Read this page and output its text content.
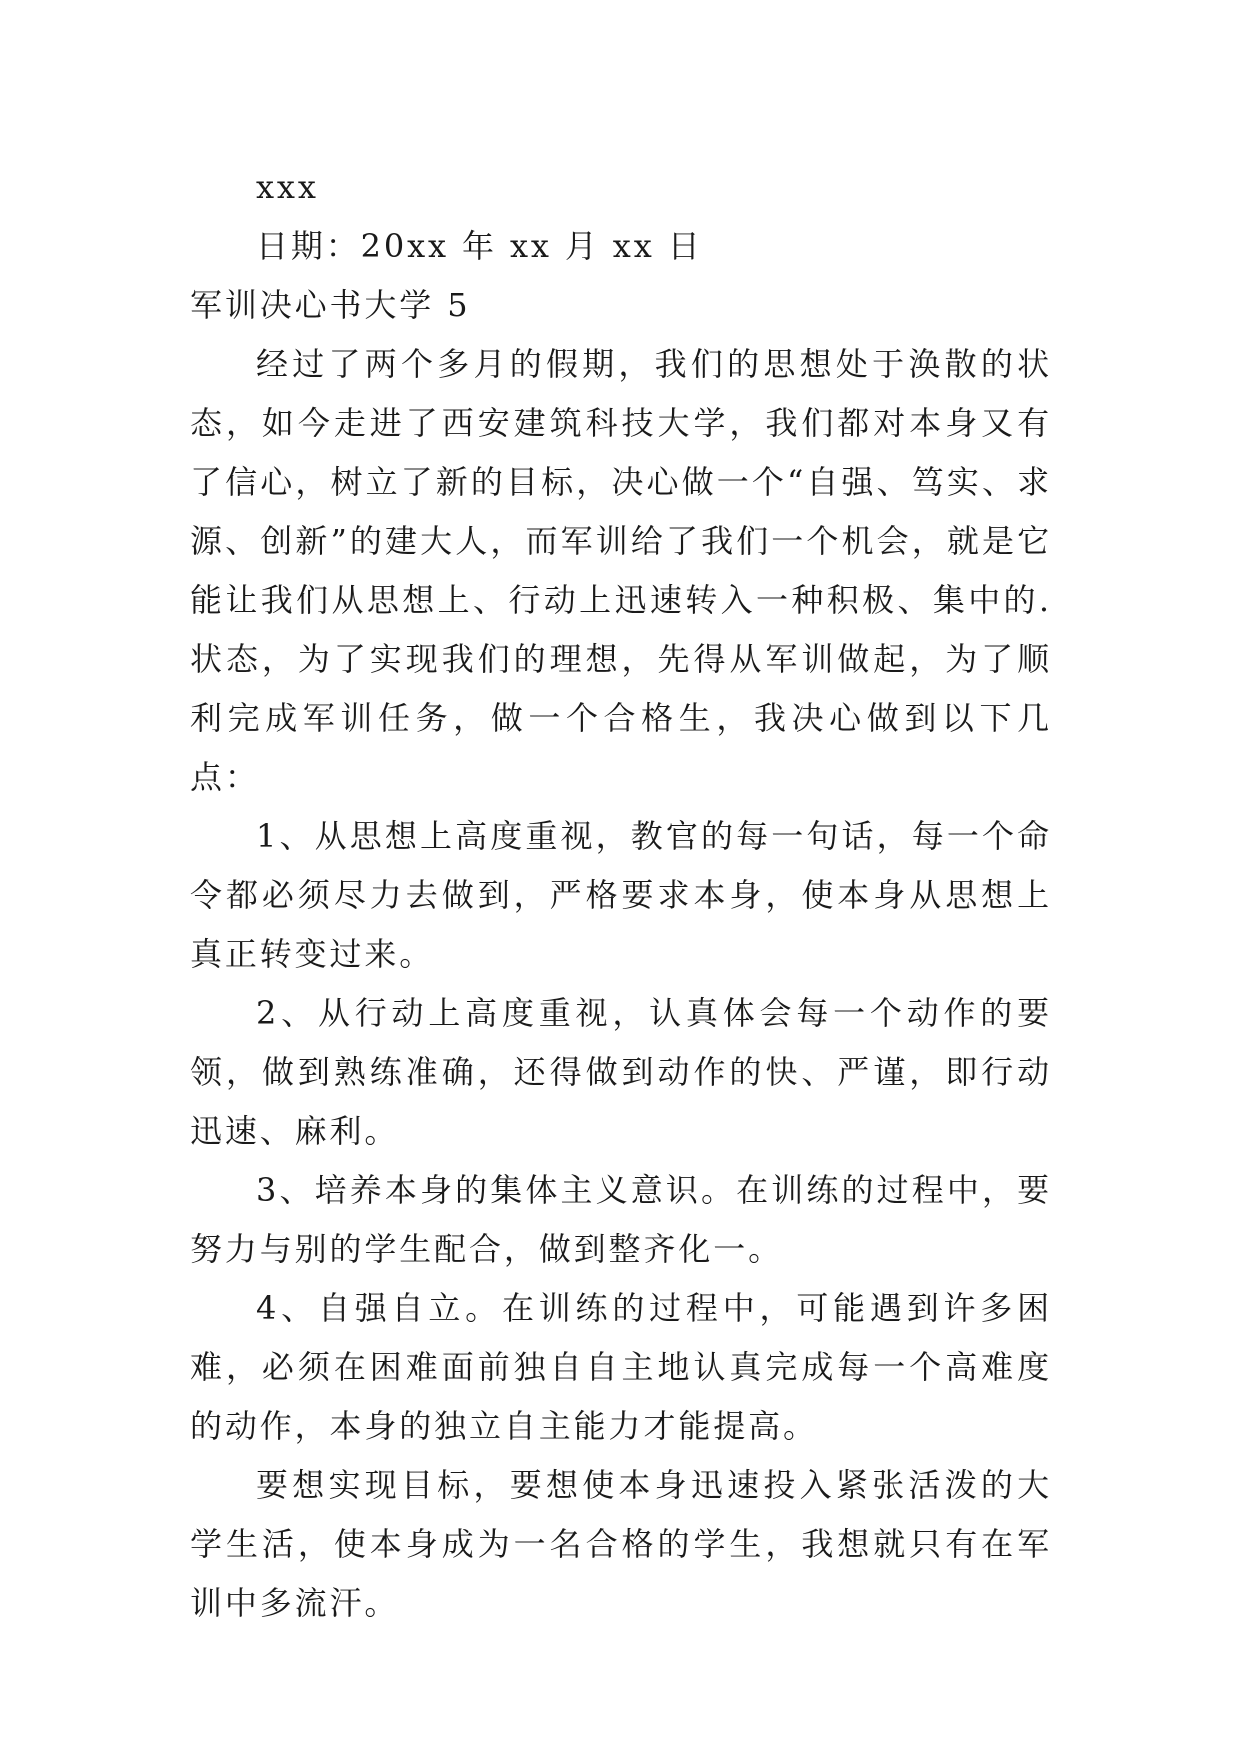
xxx

日期：20xx 年 xx 月 xx 日

军训决心书大学 5

经过了两个多月的假期，我们的思想处于涣散的状态，如今走进了西安建筑科技大学，我们都对本身又有了信心，树立了新的目标，决心做一个“自强、笃实、求源、创新”的建大人，而军训给了我们一个机会，就是它能让我们从思想上、行动上迅速转入一种积极、集中的.状态，为了实现我们的理想，先得从军训做起，为了顺利完成军训任务，做一个合格生，我决心做到以下几点：

1、从思想上高度重视，教官的每一句话，每一个命令都必须尽力去做到，严格要求本身，使本身从思想上真正转变过来。

2、从行动上高度重视，认真体会每一个动作的要领，做到熟练准确，还得做到动作的快、严谨，即行动迅速、麻利。

3、培养本身的集体主义意识。在训练的过程中，要努力与别的学生配合，做到整齐化一。

4、自强自立。在训练的过程中，可能遇到许多困难，必须在困难面前独自自主地认真完成每一个高难度的动作，本身的独立自主能力才能提高。

要想实现目标，要想使本身迅速投入紧张活泼的大学生活，使本身成为一名合格的学生，我想就只有在军训中多流汗。
